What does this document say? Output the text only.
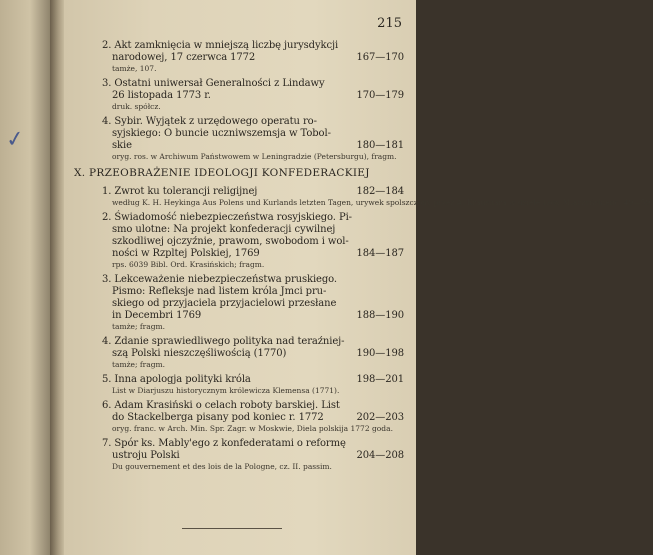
✓
215
2. Akt zamknięcia w mniejszą liczbę jurysdykcji
narodowej, 17 czerwca 1772	167—170
tamże, 107.
3. Ostatni uniwersał Generalności z Lindawy
26 listopada 1773 r.	170—179
druk. spółcz.
4. Sybir. Wyjątek z urzędowego operatu ro-
syjskiego: O buncie uczniwszemsja w Tobol-
skie	180—181
oryg. ros. w Archiwum Państwowem w Leningradzie (Petersburgu), fragm.
X. PRZEOBRAŻENIE IDEOLOGJI KONFEDERACKIEJ
1. Zwrot ku tolerancji religijnej	182—184
według K. H. Heykinga Aus Polens und Kurlands letzten Tagen, urywek spolszczony przez A. Kraushara w dziele Losy Miączyńskiego, 49—59.
2. Świadomość niebezpieczeństwa rosyjskiego. Pi-
smo ulotne: Na projekt konfederacji cywilnej
szkodliwej ojczyźnie, prawom, swobodom i wol-
ności w Rzpltej Polskiej, 1769	184—187
rps. 6039 Bibl. Ord. Krasińskich; fragm.
3. Lekceważenie niebezpieczeństwa pruskiego.
Pismo: Refleksje nad listem króla Jmci pru-
skiego od przyjaciela przyjacielowi przesłane
in Decembri 1769	188—190
tamże; fragm.
4. Zdanie sprawiedliwego polityka nad teraźniej-
szą Polski nieszczęśliwością (1770)	190—198
tamże; fragm.
5. Inna apologja polityki króla	198—201
List w Diarjuszu historycznym królewicza Klemensa (1771).
6. Adam Krasiński o celach roboty barskiej. List
do Stackelberga pisany pod koniec r. 1772	202—203
oryg. franc. w Arch. Min. Spr. Zagr. w Moskwie, Diela polskija 1772 goda.
7. Spór ks. Mably'ego z konfederatami o reformę
ustroju Polski	204—208
Du gouvernement et des lois de la Pologne, cz. II. passim.
